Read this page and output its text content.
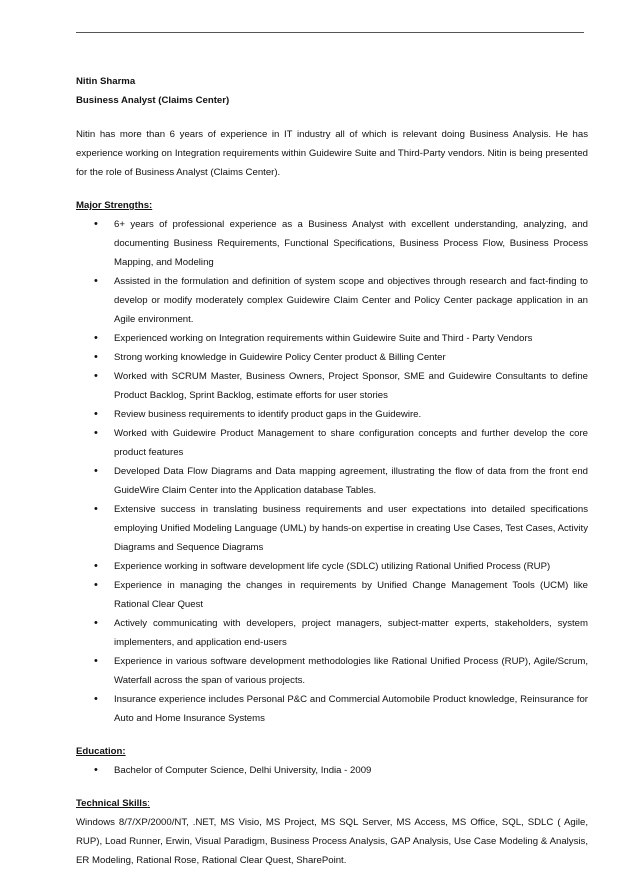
Nitin Sharma
Business Analyst (Claims Center)
Nitin has more than 6 years of experience in IT industry all of which is relevant doing Business Analysis. He has experience working on Integration requirements within Guidewire Suite and Third-Party vendors. Nitin is being presented for the role of Business Analyst (Claims Center).
Major Strengths:
• 6+ years of professional experience as a Business Analyst with excellent understanding, analyzing, and documenting Business Requirements, Functional Specifications, Business Process Flow, Business Process Mapping, and Modeling
• Assisted in the formulation and definition of system scope and objectives through research and fact-finding to develop or modify moderately complex Guidewire Claim Center and Policy Center package application in an Agile environment.
• Experienced working on Integration requirements within Guidewire Suite and Third - Party Vendors
• Strong working knowledge in Guidewire Policy Center product & Billing Center
• Worked with SCRUM Master, Business Owners, Project Sponsor, SME and Guidewire Consultants to define Product Backlog, Sprint Backlog, estimate efforts for user stories
• Review business requirements to identify product gaps in the Guidewire.
• Worked with Guidewire Product Management to share configuration concepts and further develop the core product features
• Developed Data Flow Diagrams and Data mapping agreement, illustrating the flow of data from the front end GuideWire Claim Center into the Application database Tables.
• Extensive success in translating business requirements and user expectations into detailed specifications employing Unified Modeling Language (UML) by hands-on expertise in creating Use Cases, Test Cases, Activity Diagrams and Sequence Diagrams
• Experience working in software development life cycle (SDLC) utilizing Rational Unified Process (RUP)
• Experience in managing the changes in requirements by Unified Change Management Tools (UCM) like Rational Clear Quest
• Actively communicating with developers, project managers, subject-matter experts, stakeholders, system implementers, and application end-users
• Experience in various software development methodologies like Rational Unified Process (RUP), Agile/Scrum, Waterfall across the span of various projects.
• Insurance experience includes Personal P&C and Commercial Automobile Product knowledge, Reinsurance for Auto and Home Insurance Systems
Education:
• Bachelor of Computer Science, Delhi University, India - 2009
Technical Skills:
Windows 8/7/XP/2000/NT, .NET, MS Visio, MS Project, MS SQL Server, MS Access, MS Office, SQL, SDLC ( Agile, RUP), Load Runner, Erwin, Visual Paradigm, Business Process Analysis, GAP Analysis, Use Case Modeling & Analysis, ER Modeling, Rational Rose, Rational Clear Quest, SharePoint.
